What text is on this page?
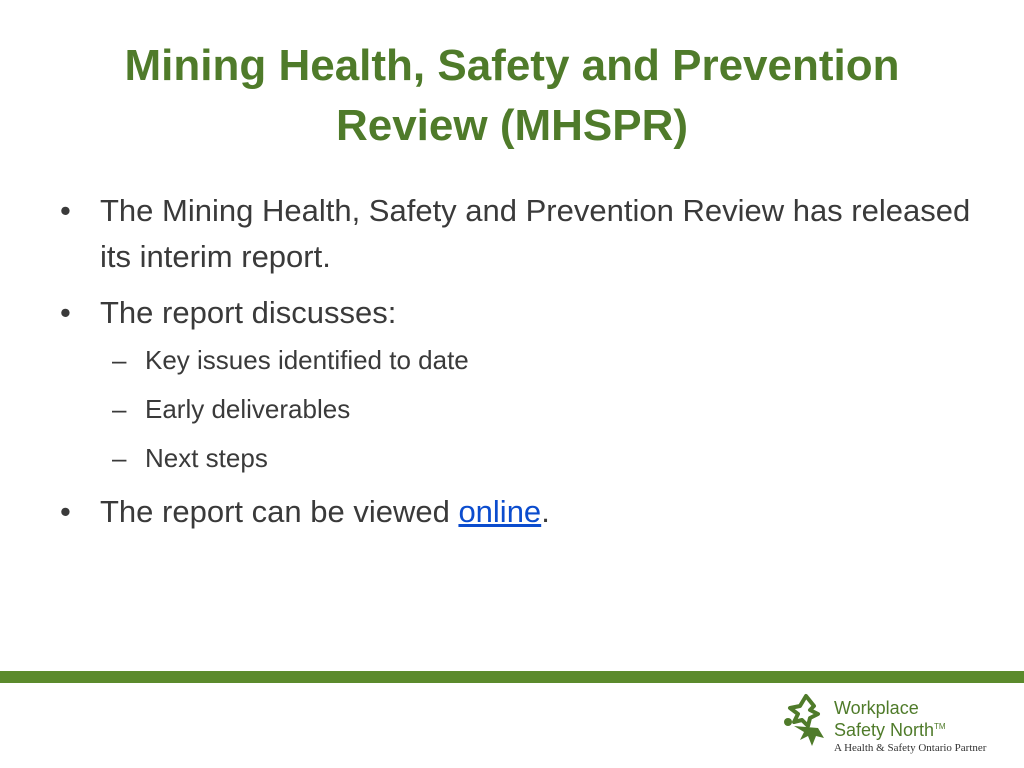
Mining Health, Safety and Prevention
Review (MHSPR)
• The Mining Health, Safety and Prevention Review has released its interim report.
• The report discusses:
– Key issues identified to date
– Early deliverables
– Next steps
• The report can be viewed online.
Workplace
Safety North™
A Health & Safety Ontario Partner
